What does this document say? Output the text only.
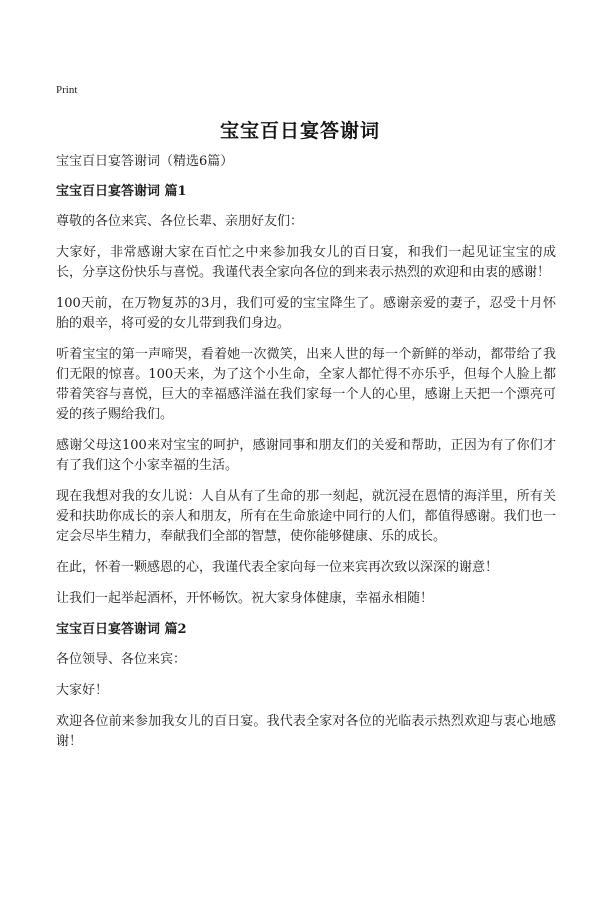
Print
宝宝百日宴答谢词
宝宝百日宴答谢词（精选6篇）
宝宝百日宴答谢词 篇1

尊敬的各位来宾、各位长辈、亲朋好友们：

大家好，非常感谢大家在百忙之中来参加我女儿的百日宴，和我们一起见证宝宝的成长，分享这份快乐与喜悦。我谨代表全家向各位的到来表示热烈的欢迎和由衷的感谢！

100天前，在万物复苏的3月，我们可爱的宝宝降生了。感谢亲爱的妻子，忍受十月怀胎的艰辛，将可爱的女儿带到我们身边。

听着宝宝的第一声啼哭，看着她一次微笑，出来人世的每一个新鲜的举动，都带给了我们无限的惊喜。100天来，为了这个小生命，全家人都忙得不亦乐乎，但每个人脸上都带着笑容与喜悦，巨大的幸福感洋溢在我们家每一个人的心里，感谢上天把一个漂亮可爱的孩子赐给我们。

感谢父母这100来对宝宝的呵护，感谢同事和朋友们的关爱和帮助，正因为有了你们才有了我们这个小家幸福的生活。

现在我想对我的女儿说：人自从有了生命的那一刻起，就沉浸在恩情的海洋里，所有关爱和扶助你成长的亲人和朋友，所有在生命旅途中同行的人们，都值得感谢。我们也一定会尽毕生精力，奉献我们全部的智慧，使你能够健康、乐的成长。

在此，怀着一颗感恩的心，我谨代表全家向每一位来宾再次致以深深的谢意！

让我们一起举起酒杯，开怀畅饮。祝大家身体健康，幸福永相随！

宝宝百日宴答谢词 篇2

各位领导、各位来宾：

大家好！

欢迎各位前来参加我女儿的百日宴。我代表全家对各位的光临表示热烈欢迎与衷心地感谢！
